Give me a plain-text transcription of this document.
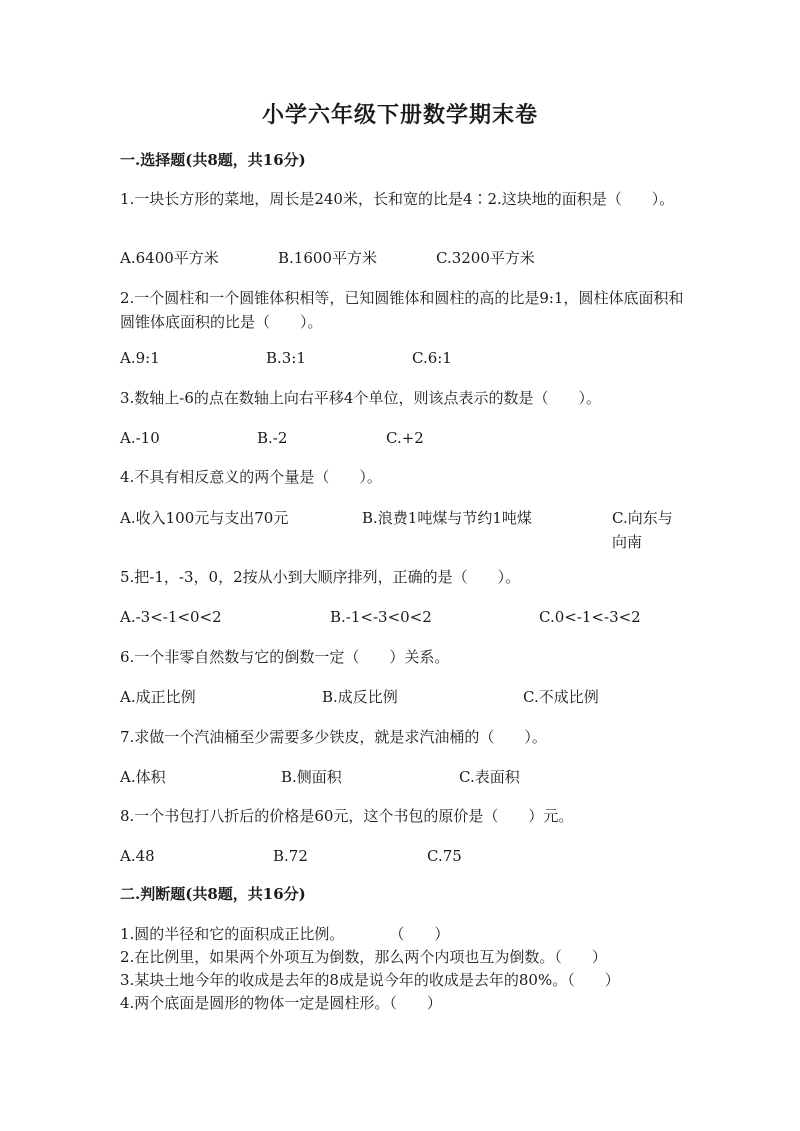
小学六年级下册数学期末卷
一.选择题(共8题，共16分)
1.一块长方形的菜地，周长是240米，长和宽的比是4∶2.这块地的面积是（　　）。
A.6400平方米	B.1600平方米	C.3200平方米
2.一个圆柱和一个圆锥体积相等，已知圆锥体和圆柱的高的比是9:1，圆柱体底面积和圆锥体底面积的比是（　　）。
A.9:1	B.3:1	C.6:1
3.数轴上-6的点在数轴上向右平移4个单位，则该点表示的数是（　　）。
A.-10	B.-2	C.+2
4.不具有相反意义的两个量是（　　）。
A.收入100元与支出70元	B.浪费1吨煤与节约1吨煤	C.向东与向南
5.把-1，-3，0，2按从小到大顺序排列，正确的是（　　）。
A.-3<-1<0<2	B.-1<-3<0<2	C.0<-1<-3<2
6.一个非零自然数与它的倒数一定（　　）关系。
A.成正比例	B.成反比例	C.不成比例
7.求做一个汽油桶至少需要多少铁皮，就是求汽油桶的（　　）。
A.体积	B.侧面积	C.表面积
8.一个书包打八折后的价格是60元，这个书包的原价是（　　）元。
A.48	B.72	C.75
二.判断题(共8题，共16分)

1.圆的半径和它的面积成正比例。　　　　（　　）

2.在比例里，如果两个外项互为倒数，那么两个内项也互为倒数。（　　）

3.某块土地今年的收成是去年的8成是说今年的收成是去年的80%。（　　）

4.两个底面是圆形的物体一定是圆柱形。（　　）
